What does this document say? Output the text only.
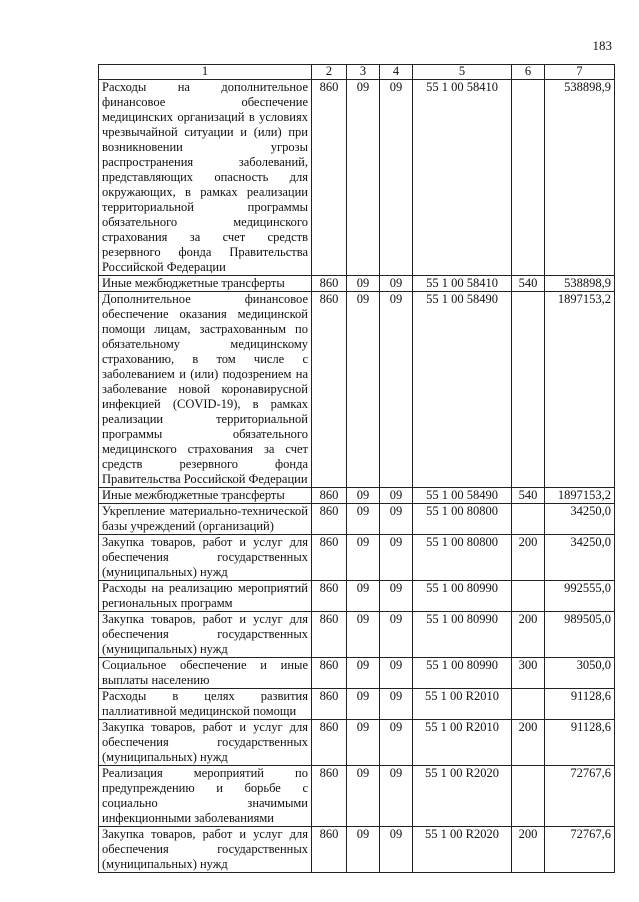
183
1	2	3	4	5	6	7
Расходы на дополнительное финансовое обеспечение медицинских организаций в условиях чрезвычайной ситуации и (или) при возникновении угрозы распространения заболеваний, представляющих опасность для окружающих, в рамках реализации территориальной программы обязательного медицинского страхования за счет средств резервного фонда Правительства Российской Федерации	860	09	09	55 1 00 58410		538898,9
Иные межбюджетные трансферты	860	09	09	55 1 00 58410	540	538898,9
Дополнительное финансовое обеспечение оказания медицинской помощи лицам, застрахованным по обязательному медицинскому страхованию, в том числе с заболеванием и (или) подозрением на заболевание новой коронавирусной инфекцией (COVID-19), в рамках реализации территориальной программы обязательного медицинского страхования за счет средств резервного фонда Правительства Российской Федерации	860	09	09	55 1 00 58490		1897153,2
Иные межбюджетные трансферты	860	09	09	55 1 00 58490	540	1897153,2
Укрепление материально-технической базы учреждений (организаций)	860	09	09	55 1 00 80800		34250,0
Закупка товаров, работ и услуг для обеспечения государственных (муниципальных) нужд	860	09	09	55 1 00 80800	200	34250,0
Расходы на реализацию мероприятий региональных программ	860	09	09	55 1 00 80990		992555,0
Закупка товаров, работ и услуг для обеспечения государственных (муниципальных) нужд	860	09	09	55 1 00 80990	200	989505,0
Социальное обеспечение и иные выплаты населению	860	09	09	55 1 00 80990	300	3050,0
Расходы в целях развития паллиативной медицинской помощи	860	09	09	55 1 00 R2010		91128,6
Закупка товаров, работ и услуг для обеспечения государственных (муниципальных) нужд	860	09	09	55 1 00 R2010	200	91128,6
Реализация мероприятий по предупреждению и борьбе с социально значимыми инфекционными заболеваниями	860	09	09	55 1 00 R2020		72767,6
Закупка товаров, работ и услуг для обеспечения государственных (муниципальных) нужд	860	09	09	55 1 00 R2020	200	72767,6
